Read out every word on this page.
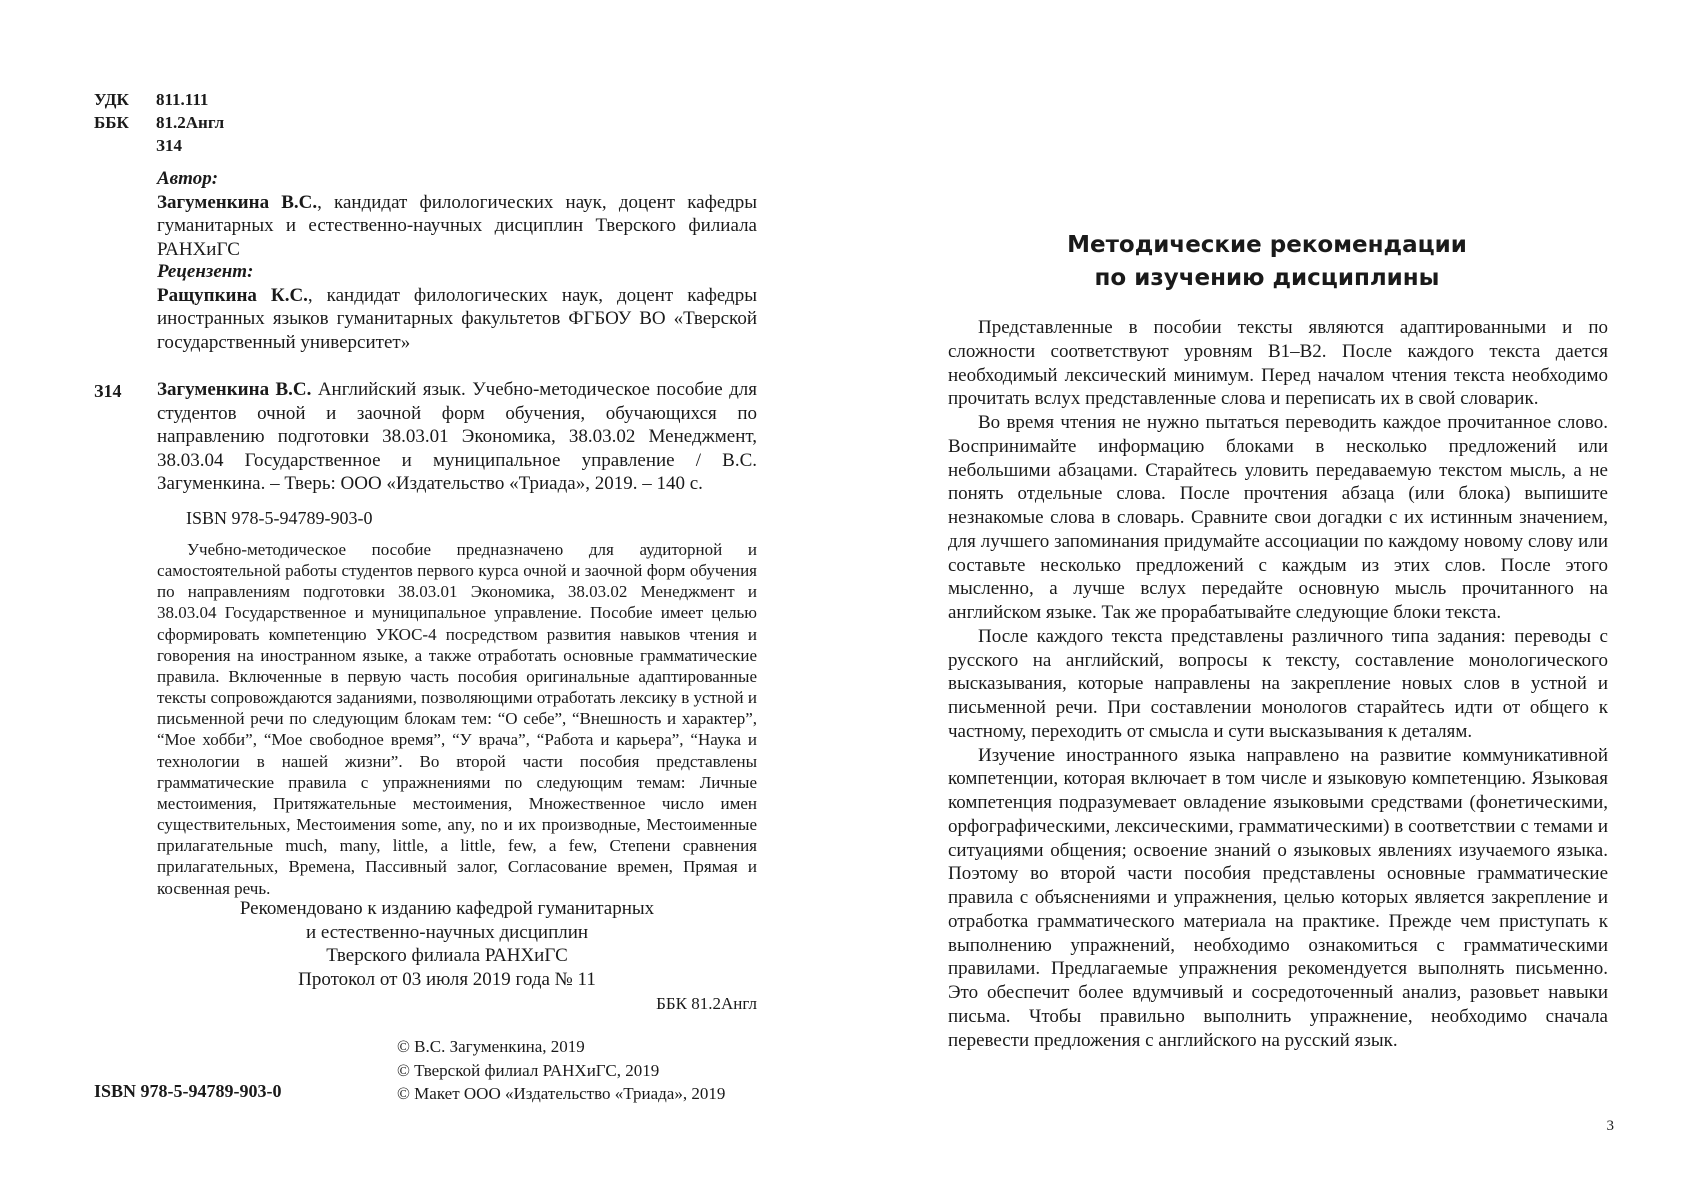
УДК	811.111
ББК	81.2Англ
З14
Автор:
Загуменкина В.С., кандидат филологических наук, доцент кафедры гуманитарных и естественно-научных дисциплин Тверского филиала РАНХиГС
Рецензент:
Ращупкина К.С., кандидат филологических наук, доцент кафедры иностранных языков гуманитарных факультетов ФГБОУ ВО «Тверской государственный университет»
З14 Загуменкина В.С. Английский язык. Учебно-методическое пособие для студентов очной и заочной форм обучения, обучающихся по направлению подготовки 38.03.01 Экономика, 38.03.02 Менеджмент, 38.03.04 Государственное и муниципальное управление / В.С. Загуменкина. – Тверь: ООО «Издательство «Триада», 2019. – 140 с.
ISBN 978-5-94789-903-0

Учебно-методическое пособие предназначено для аудиторной и самостоятельной работы студентов первого курса очной и заочной форм обучения по направлениям подготовки 38.03.01 Экономика, 38.03.02 Менеджмент и 38.03.04 Государственное и муниципальное управление. Пособие имеет целью сформировать компетенцию УКОС-4 посредством развития навыков чтения и говорения на иностранном языке, а также отработать основные грамматические правила. Включенные в первую часть пособия оригинальные адаптированные тексты сопровождаются заданиями, позволяющими отработать лексику в устной и письменной речи по следующим блокам тем: “О себе”, “Внешность и характер”, “Мое хобби”, “Мое свободное время”, “У врача”, “Работа и карьера”, “Наука и технологии в нашей жизни”. Во второй части пособия представлены грамматические правила с упражнениями по следующим темам: Личные местоимения, Притяжательные местоимения, Множественное число имен существительных, Местоимения some, any, no и их производные, Местоименные прилагательные much, many, little, a little, few, a few, Степени сравнения прилагательных, Времена, Пассивный залог, Согласование времен, Прямая и косвенная речь.

Рекомендовано к изданию кафедрой гуманитарных
и естественно-научных дисциплин
Тверского филиала РАНХиГС
Протокол от 03 июля 2019 года № 11
ББК 81.2Англ
© В.С. Загуменкина, 2019
© Тверской филиал РАНХиГС, 2019
© Макет ООО «Издательство «Триада», 2019
ISBN 978-5-94789-903-0
Методические рекомендации
по изучению дисциплины

Представленные в пособии тексты являются адаптированными и по сложности соответствуют уровням В1–В2. После каждого текста дается необходимый лексический минимум. Перед началом чтения текста необходимо прочитать вслух представленные слова и переписать их в свой словарик.

Во время чтения не нужно пытаться переводить каждое прочитанное слово. Воспринимайте информацию блоками в несколько предложений или небольшими абзацами. Старайтесь уловить передаваемую текстом мысль, а не понять отдельные слова. После прочтения абзаца (или блока) выпишите незнакомые слова в словарь. Сравните свои догадки с их истинным значением, для лучшего запоминания придумайте ассоциации по каждому новому слову или составьте несколько предложений с каждым из этих слов. После этого мысленно, а лучше вслух передайте основную мысль прочитанного на английском языке. Так же прорабатывайте следующие блоки текста.

После каждого текста представлены различного типа задания: переводы с русского на английский, вопросы к тексту, составление монологического высказывания, которые направлены на закрепление новых слов в устной и письменной речи. При составлении монологов старайтесь идти от общего к частному, переходить от смысла и сути высказывания к деталям.

Изучение иностранного языка направлено на развитие коммуникативной компетенции, которая включает в том числе и языковую компетенцию. Языковая компетенция подразумевает овладение языковыми средствами (фонетическими, орфографическими, лексическими, грамматическими) в соответствии с темами и ситуациями общения; освоение знаний о языковых явлениях изучаемого языка. Поэтому во второй части пособия представлены основные грамматические правила с объяснениями и упражнения, целью которых является закрепление и отработка грамматического материала на практике. Прежде чем приступать к выполнению упражнений, необходимо ознакомиться с грамматическими правилами. Предлагаемые упражнения рекомендуется выполнять письменно. Это обеспечит более вдумчивый и сосредоточенный анализ, разовьет навыки письма. Чтобы правильно выполнить упражнение, необходимо сначала перевести предложения с английского на русский язык.

3
